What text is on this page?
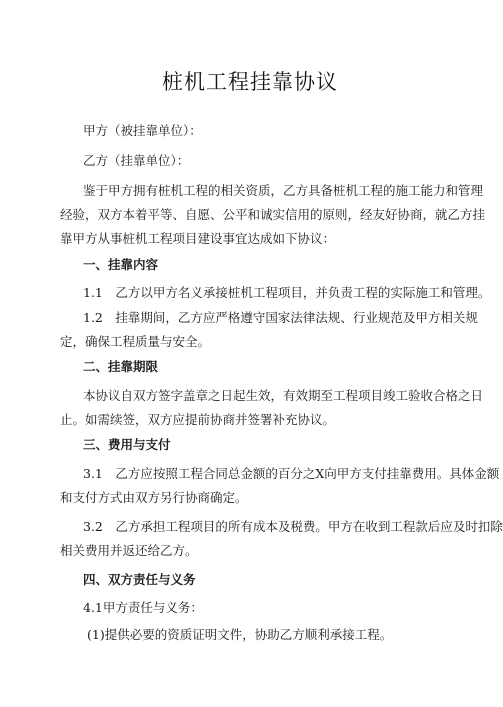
桩机工程挂靠协议
甲方（被挂靠单位）：
乙方（挂靠单位）：
鉴于甲方拥有桩机工程的相关资质，乙方具备桩机工程的施工能力和管理
经验，双方本着平等、自愿、公平和诚实信用的原则，经友好协商，就乙方挂
靠甲方从事桩机工程项目建设事宜达成如下协议：
一、挂靠内容
1.1　乙方以甲方名义承接桩机工程项目，并负责工程的实际施工和管理。
1.2　挂靠期间，乙方应严格遵守国家法律法规、行业规范及甲方相关规
定，确保工程质量与安全。
二、挂靠期限
本协议自双方签字盖章之日起生效，有效期至工程项目竣工验收合格之日
止。如需续签，双方应提前协商并签署补充协议。
三、费用与支付
3.1　乙方应按照工程合同总金额的百分之X向甲方支付挂靠费用。具体金额
和支付方式由双方另行协商确定。
3.2　乙方承担工程项目的所有成本及税费。甲方在收到工程款后应及时扣除
相关费用并返还给乙方。
四、双方责任与义务
4.1甲方责任与义务：
(1)提供必要的资质证明文件，协助乙方顺利承接工程。
